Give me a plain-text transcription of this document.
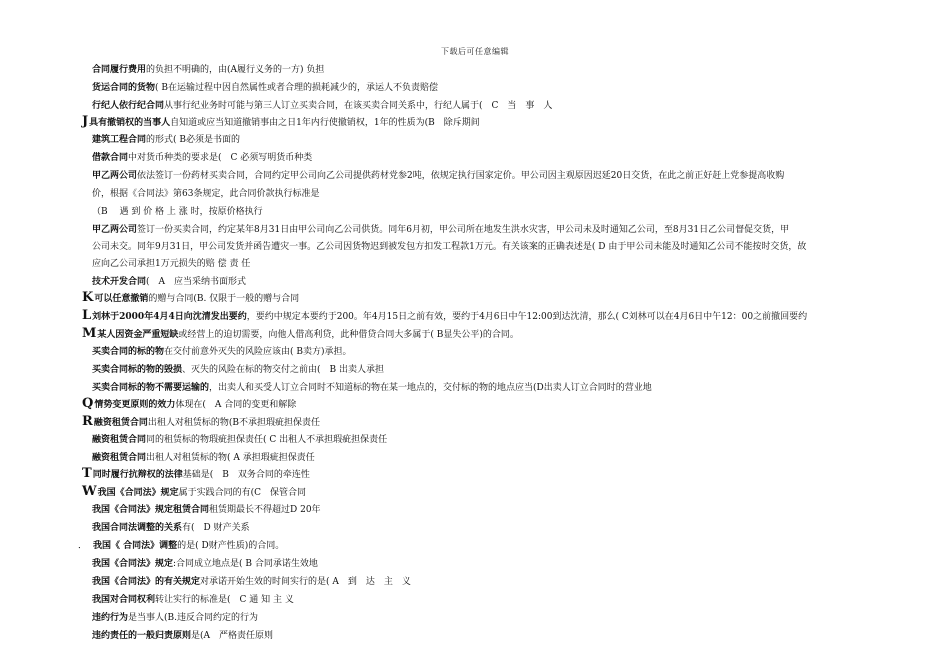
下载后可任意编辑
合同履行费用的负担不明确的，由(A履行义务的一方) 负担
货运合同的货物( B在运输过程中因自然属性或者合理的损耗减少的，承运人不负责赔偿
行纪人依行纪合同从事行纪业务时可能与第三人订立买卖合同，在该买卖合同关系中，行纪人属于(　C　当　事　人
J具有撤销权的当事人自知道或应当知道撤销事由之日1年内行使撤销权，1年的性质为(B　除斥期间
建筑工程合同的形式( B必须是书面的
借款合同中对货币种类的要求是(　C 必须写明货币种类
甲乙两公司依法签订一份药材买卖合同，合同约定甲公司向乙公司提供药材党参2吨，依规定执行国家定价。甲公司因主观原因迟延20日交货，在此之前正好赶上党参提高收购
价，根据《合同法》第63条规定，此合同价款执行标准是
（B　 遇 到 价 格 上 涨 时，按原价格执行
甲乙两公司签订一份买卖合同，约定某年8月31日由甲公司向乙公司供货。同年6月初，甲公司所在地发生洪水灾害，甲公司未及时通知乙公司，至8月31日乙公司督促交货，甲
公司未交。同年9月31日，甲公司发货并函告遭灾一事。乙公司因货物迟到被发包方扣发工程款1万元。有关该案的正确表述是( D 由于甲公司未能及时通知乙公司不能按时交货，故
应向乙公司承担1万元损失的赔 偿 责 任
技术开发合同(　A　应当采纳书面形式
K可以任意撤销的赠与合同(B. 仅限于一般的赠与合同
L刘林于2000年4月4日向沈清发出要约，要约中规定本要约于200。年4月15日之前有效，要约于4月6日中午12:00到达沈清，那么( C刘林可以在4月6日中午12：00之前撤回要约
M某人因资金严重短缺或经营上的迫切需要，向他人借高利贷，此种借贷合同大多属于( B显失公平)的合同。
买卖合同的标的物在交付前意外灭失的风险应该由( B卖方)承担。
买卖合同标的物的毁损、灭失的风险在标的物交付之前由(　B 出卖人承担
买卖合同标的物不需要运输的，出卖人和买受人订立合同时不知道标的物在某一地点的，交付标的物的地点应当(D出卖人订立合同时的营业地
Q情势变更原则的效力体现在(　A 合同的变更和解除
R融资租赁合同出租人对租赁标的物(B不承担瑕疵担保责任
融资租赁合同同的租赁标的物瑕疵担保责任( C 出租人不承担瑕疵担保责任
融资租赁合同出租人对租赁标的物( A 承担瑕疵担保责任
T同时履行抗辩权的法律基础是(　B　双务合同的牵连性
W我国《合同法》规定属于实践合同的有(C　保管合同
我国《合同法》规定租赁合同租赁期最长不得超过D 20年
我国合同法调整的关系有(　D 财产关系
． 我国《 合同法》调整的是( D财产性质)的合同。
我国《合同法》规定:合同成立地点是( B 合同承诺生效地
我国《合同法》的有关规定对承诺开始生效的时间实行的是( A　到　达　主　义
我国对合同权利转让实行的标准是(　C 通 知 主 义
违约行为是当事人(B.违反合同约定的行为
违约责任的一般归责原则是(A　严格责任原则
